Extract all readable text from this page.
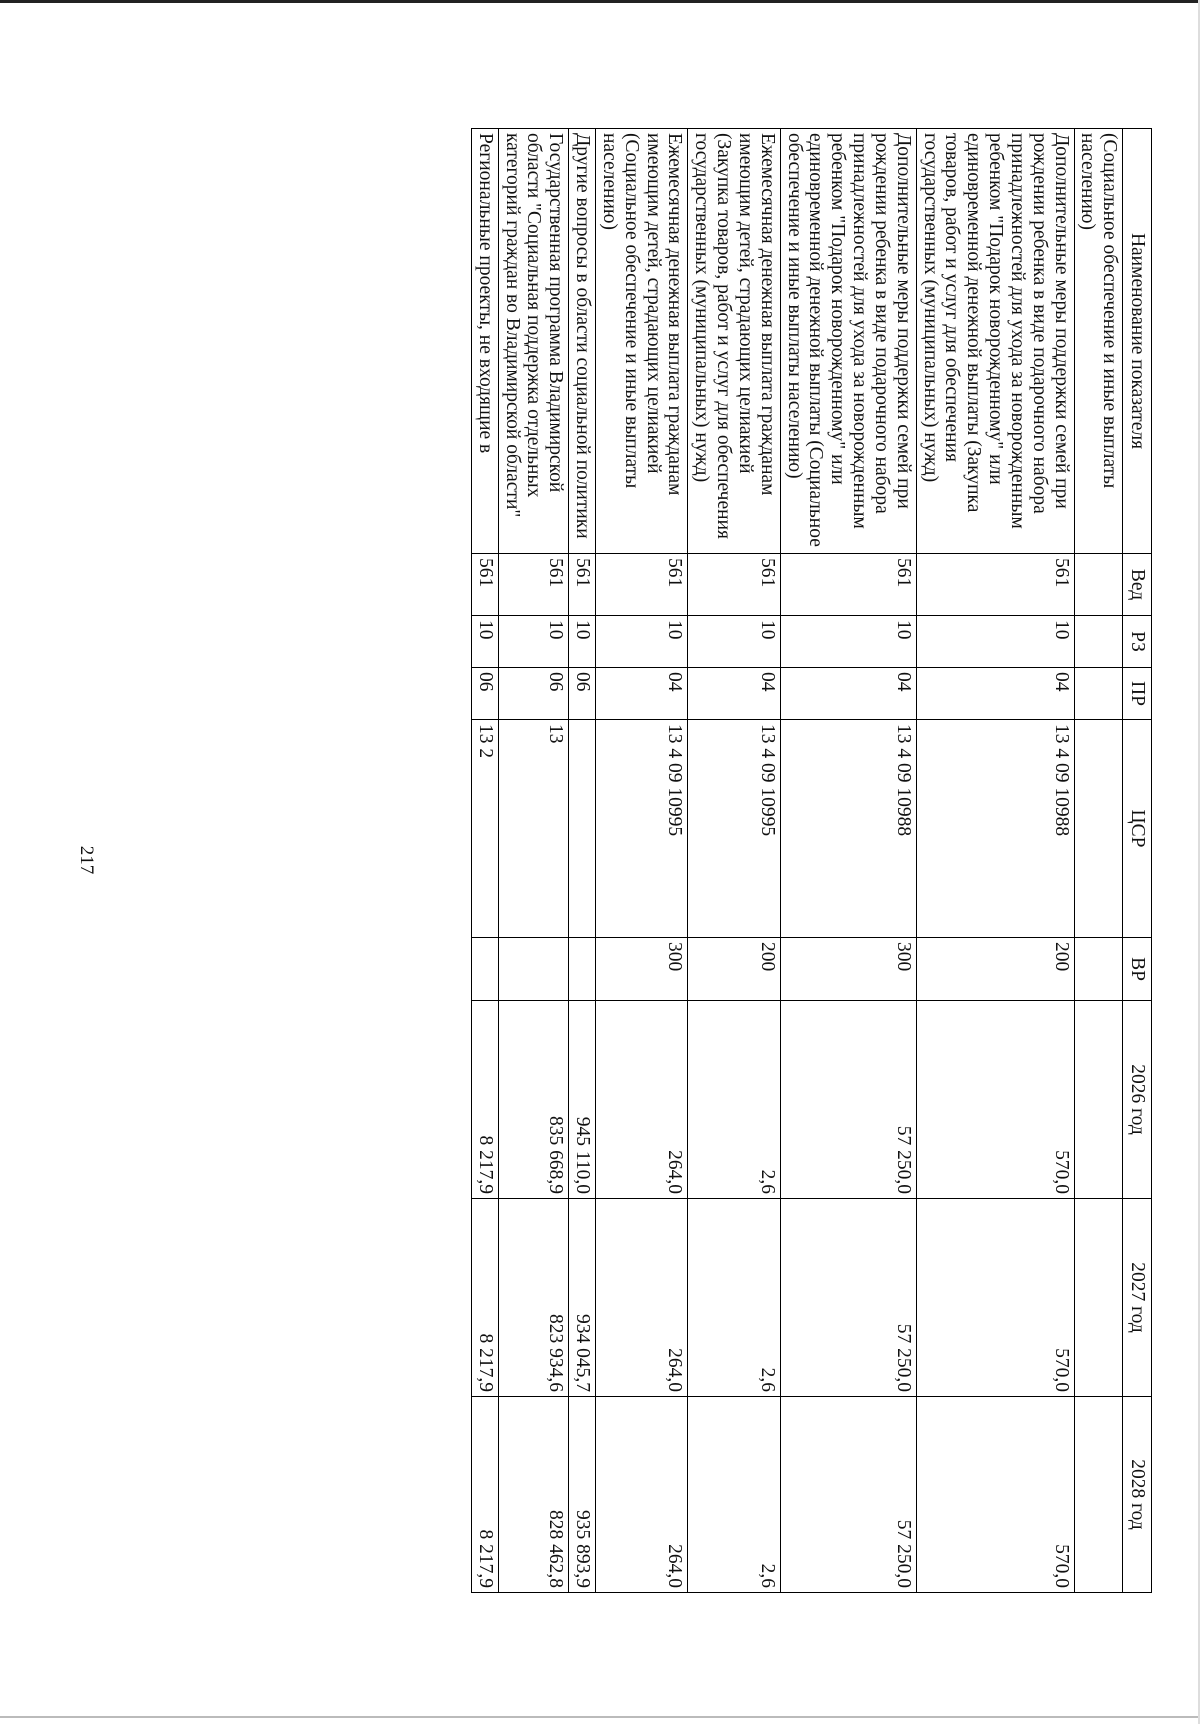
217
Наименование показателя	Вед	РЗ	ПР	ЦСР	ВР	2026 год	2027 год	2028 год
(Социальное обеспечение и иные выплаты населению)								
Дополнительные меры поддержки семей при рождении ребенка в виде подарочного набора принадлежностей для ухода за новорожденным ребенком "Подарок новорожденному" или единовременной денежной выплаты (Закупка товаров, работ и услуг для обеспечения государственных (муниципальных) нужд)	561	10	04	13 4 09 10988	200	570,0	570,0	570,0
Дополнительные меры поддержки семей при рождении ребенка в виде подарочного набора принадлежностей для ухода за новорожденным ребенком "Подарок новорожденному" или единовременной денежной выплаты (Социальное обеспечение и иные выплаты населению)	561	10	04	13 4 09 10988	300	57 250,0	57 250,0	57 250,0
Ежемесячная денежная выплата гражданам имеющим детей, страдающих целиакией (Закупка товаров, работ и услуг для обеспечения государственных (муниципальных) нужд)	561	10	04	13 4 09 10995	200	2,6	2,6	2,6
Ежемесячная денежная выплата гражданам имеющим детей, страдающих целиакией (Социальное обеспечение и иные выплаты населению)	561	10	04	13 4 09 10995	300	264,0	264,0	264,0
Другие вопросы в области социальной политики	561	10	06			945 110,0	934 045,7	935 893,9
Государственная программа Владимирской области "Социальная поддержка отдельных категорий граждан во Владимирской области"	561	10	06	13		835 668,9	823 934,6	828 462,8
Региональные проекты, не входящие в	561	10	06	13 2		8 217,9	8 217,9	8 217,9
